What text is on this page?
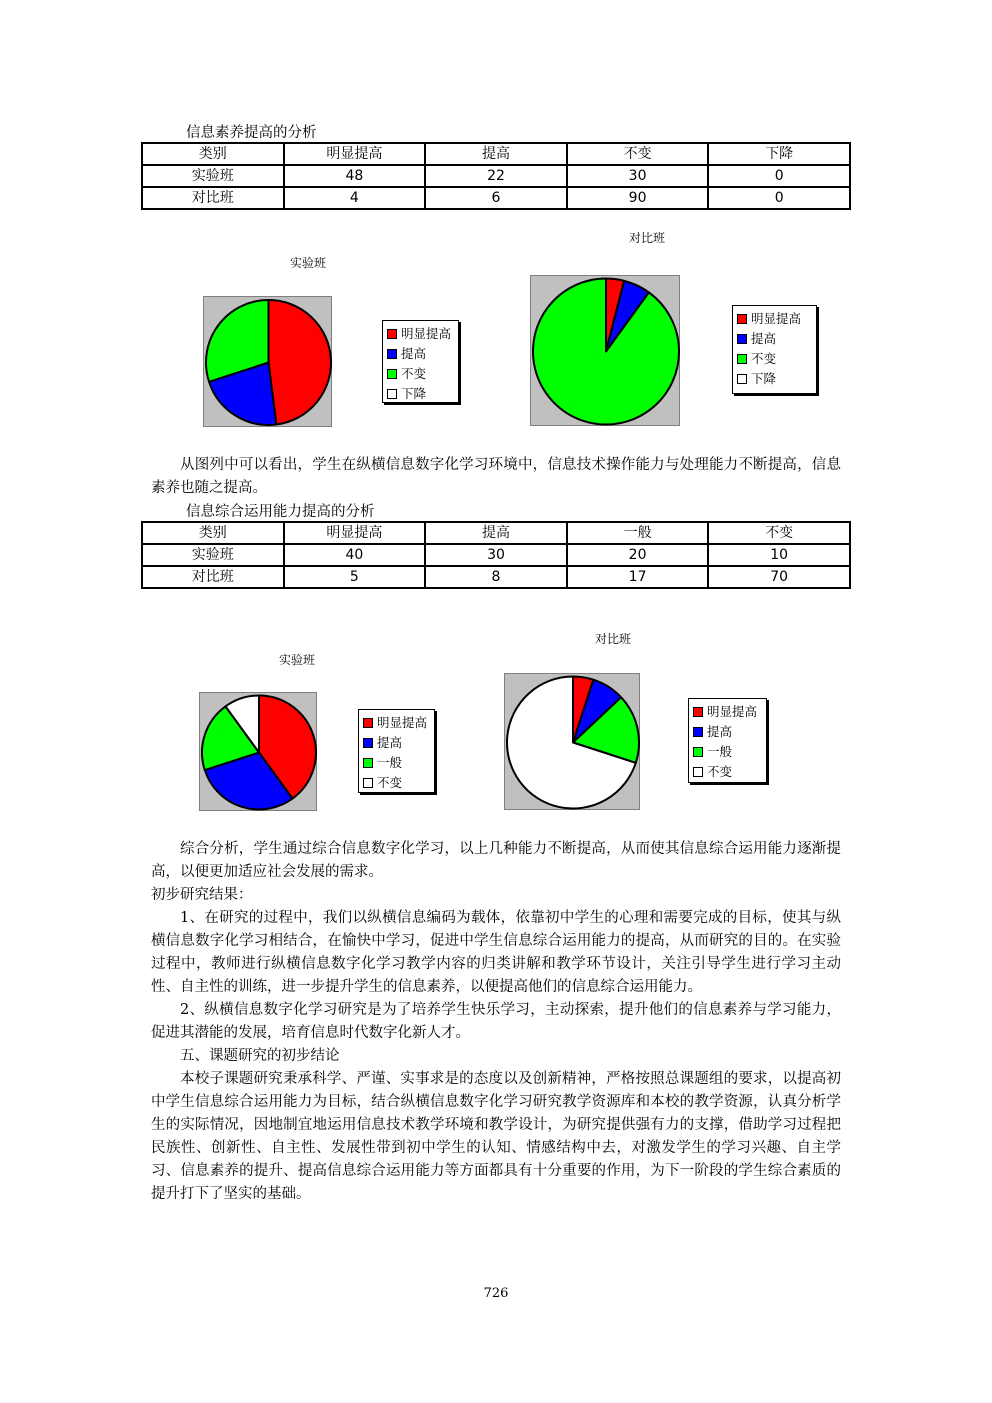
信息素养提高的分析
类别	明显提高	提高	不变	下降
实验班	48	22	30	0
对比班	4	6	90	0
实验班
明显提高
提高
不变
下降
对比班
明显提高
提高
不变
下降

从图列中可以看出，学生在纵横信息数字化学习环境中，信息技术操作能力与处理能力不断提高，信息素养也随之提高。

信息综合运用能力提高的分析
类别	明显提高	提高	一般	不变
实验班	40	30	20	10
对比班	5	8	17	70
实验班
明显提高
提高
一般
不变
对比班
明显提高
提高
一般
不变

综合分析，学生通过综合信息数字化学习，以上几种能力不断提高，从而使其信息综合运用能力逐渐提高，以便更加适应社会发展的需求。

初步研究结果：

1、在研究的过程中，我们以纵横信息编码为载体，依靠初中学生的心理和需要完成的目标，使其与纵横信息数字化学习相结合，在愉快中学习，促进中学生信息综合运用能力的提高，从而研究的目的。在实验过程中，教师进行纵横信息数字化学习教学内容的归类讲解和教学环节设计，关注引导学生进行学习主动性、自主性的训练，进一步提升学生的信息素养，以便提高他们的信息综合运用能力。

2、纵横信息数字化学习研究是为了培养学生快乐学习，主动探索，提升他们的信息素养与学习能力，促进其潜能的发展，培育信息时代数字化新人才。

五、课题研究的初步结论

本校子课题研究秉承科学、严谨、实事求是的态度以及创新精神，严格按照总课题组的要求，以提高初中学生信息综合运用能力为目标，结合纵横信息数字化学习研究教学资源库和本校的教学资源，认真分析学生的实际情况，因地制宜地运用信息技术教学环境和教学设计，为研究提供强有力的支撑，借助学习过程把民族性、创新性、自主性、发展性带到初中学生的认知、情感结构中去，对激发学生的学习兴趣、自主学习、信息素养的提升、提高信息综合运用能力等方面都具有十分重要的作用，为下一阶段的学生综合素质的提升打下了坚实的基础。

726
